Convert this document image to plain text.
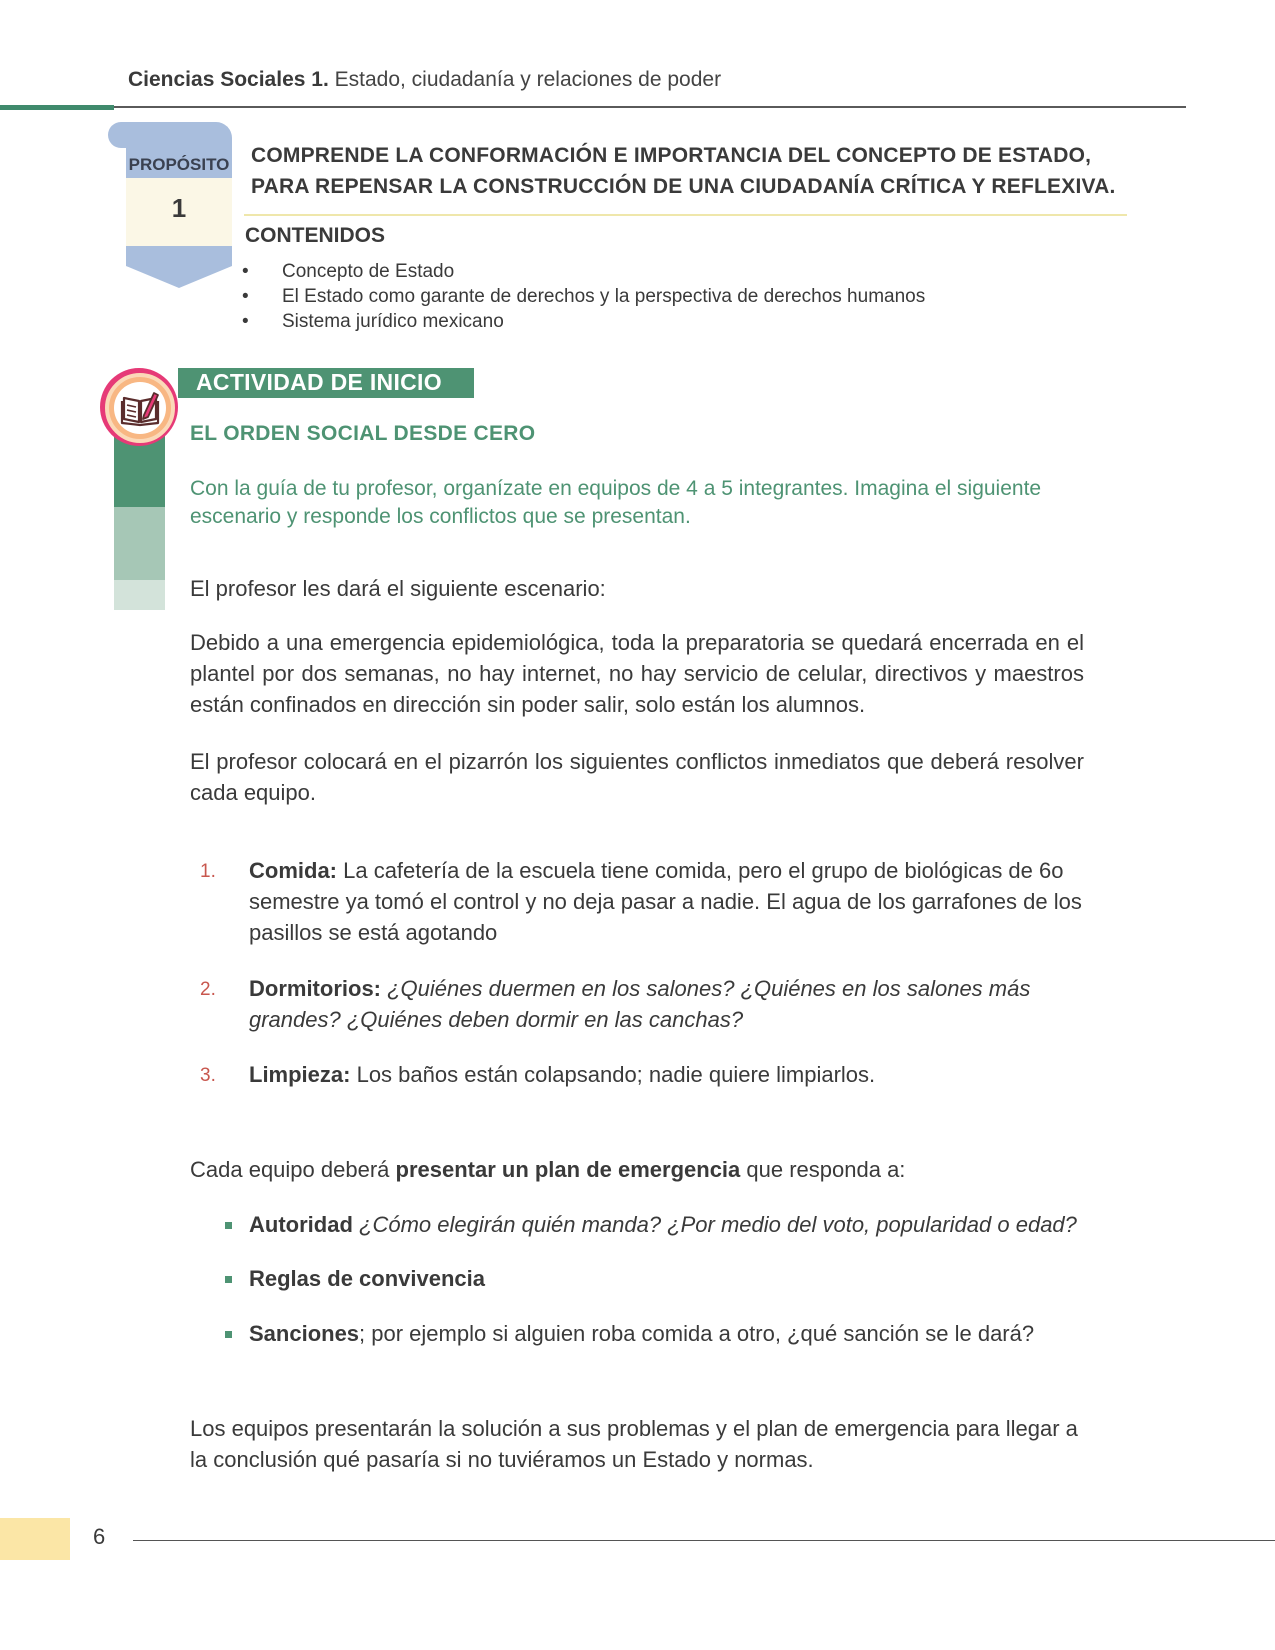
Ciencias Sociales 1. Estado, ciudadanía y relaciones de poder
PROPÓSITO
1
COMPRENDE LA CONFORMACIÓN E IMPORTANCIA DEL CONCEPTO DE ESTADO, PARA REPENSAR LA CONSTRUCCIÓN DE UNA CIUDADANÍA CRÍTICA Y REFLEXIVA.
CONTENIDOS
• Concepto de Estado
• El Estado como garante de derechos y la perspectiva de derechos humanos
• Sistema jurídico mexicano
ACTIVIDAD DE INICIO
EL ORDEN SOCIAL DESDE CERO
Con la guía de tu profesor, organízate en equipos de 4 a 5 integrantes. Imagina el siguiente escenario y responde los conflictos que se presentan.
El profesor les dará el siguiente escenario:
Debido a una emergencia epidemiológica, toda la preparatoria se quedará encerrada en el plantel por dos semanas, no hay internet, no hay servicio de celular, directivos y maestros están confinados en dirección sin poder salir, solo están los alumnos.
El profesor colocará en el pizarrón los siguientes conflictos inmediatos que deberá resolver cada equipo.
1. Comida: La cafetería de la escuela tiene comida, pero el grupo de biológicas de 6o semestre ya tomó el control y no deja pasar a nadie. El agua de los garrafones de los pasillos se está agotando
2. Dormitorios: ¿Quiénes duermen en los salones? ¿Quiénes en los salones más grandes? ¿Quiénes deben dormir en las canchas?
3. Limpieza: Los baños están colapsando; nadie quiere limpiarlos.
Cada equipo deberá presentar un plan de emergencia que responda a:
Autoridad ¿Cómo elegirán quién manda? ¿Por medio del voto, popularidad o edad?
Reglas de convivencia
Sanciones; por ejemplo si alguien roba comida a otro, ¿qué sanción se le dará?
Los equipos presentarán la solución a sus problemas y el plan de emergencia para llegar a la conclusión qué pasaría si no tuviéramos un Estado y normas.
6
